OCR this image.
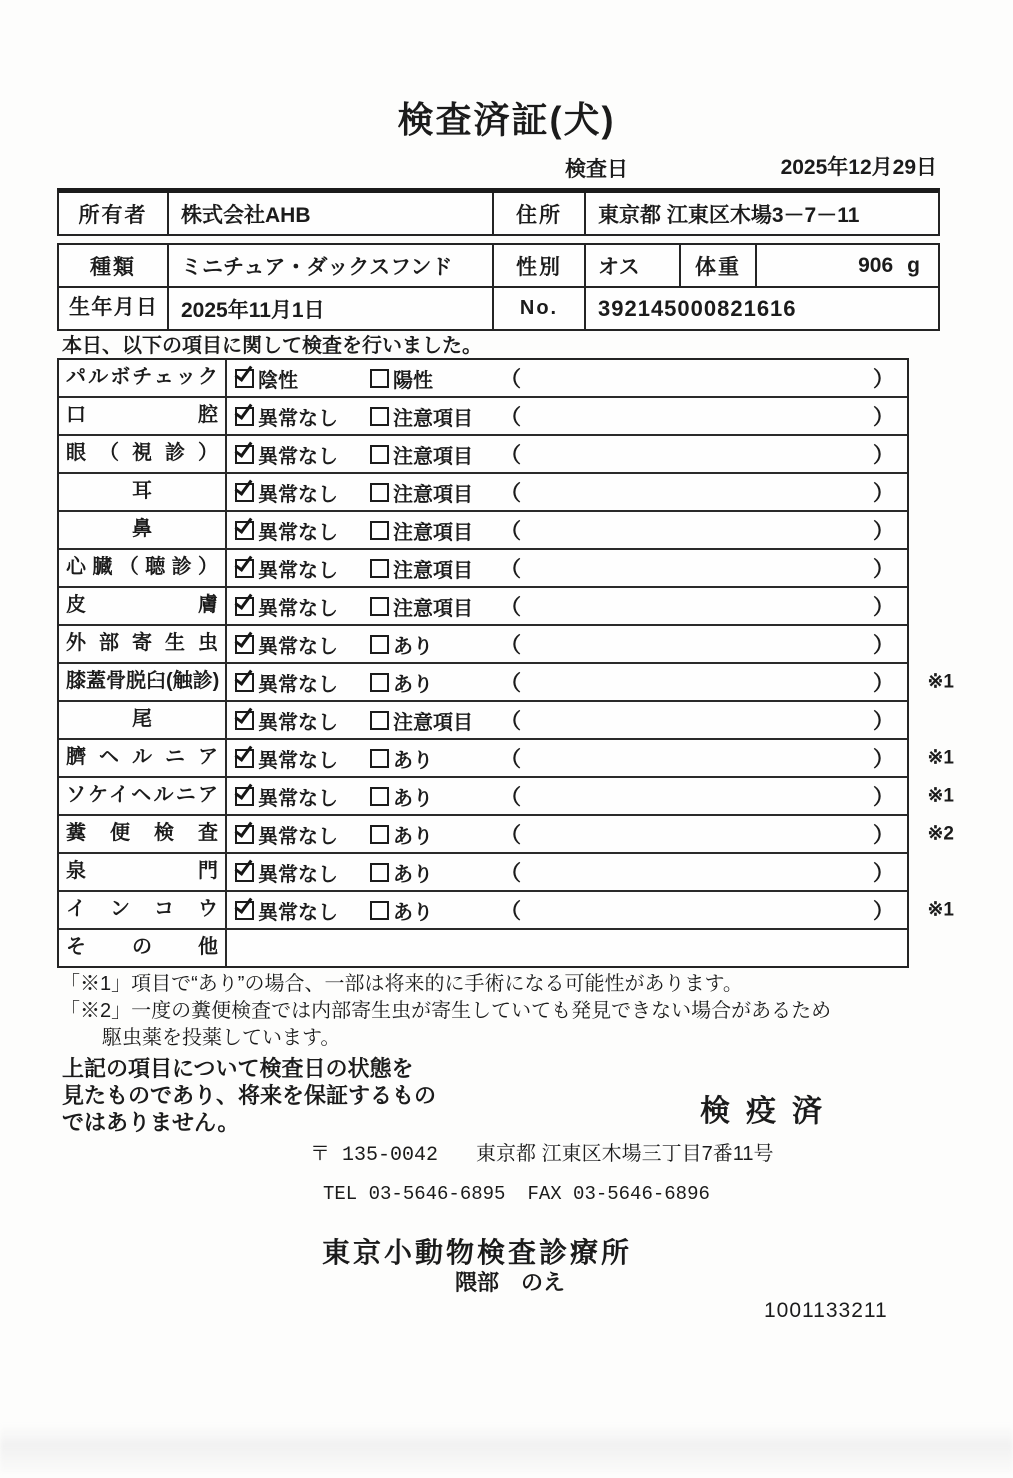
検査済証(犬)
検査日	2025年12月29日
所有者	株式会社AHB	住所	東京都 江東区木場3－7－11
種類	ミニチュア・ダックスフンド	性別	オス	体重	906 g
生年月日	2025年11月1日	No.	392145000821616
本日、以下の項目に関して検査を行いました。
パルボチェック	陰性	陽性	（	）
口腔	異常なし	注意項目 （	）
眼（視診）	異常なし	注意項目 （	）
耳	異常なし	注意項目 （	）
鼻	異常なし	注意項目 （	）
心臓（聴診）	異常なし	注意項目 （	）
皮膚	異常なし	注意項目 （	）
外部寄生虫	異常なし	あり	（	）
膝蓋骨脱臼(触診)	異常なし	あり	（	） ※1
尾	異常なし	注意項目 （	）
臍ヘルニア	異常なし	あり	（	） ※1
ソケイヘルニア	異常なし	あり	（	） ※1
糞便検査	異常なし	あり	（	） ※2
泉門	異常なし	あり	（	）
インコウ	異常なし	あり	（	） ※1
その他
「※1」項目で“あり”の場合、一部は将来的に手術になる可能性があります。
「※2」一度の糞便検査では内部寄生虫が寄生していても発見できない場合があるため
駆虫薬を投薬しています。
上記の項目について検査日の状態を
見たものであり、将来を保証するもの
ではありません。	検疫済
〒 135-0042 東京都 江東区木場三丁目7番11号
TEL 03-5646-6895 FAX 03-5646-6896
東京小動物検査診療所
隈部　のえ
1001133211
